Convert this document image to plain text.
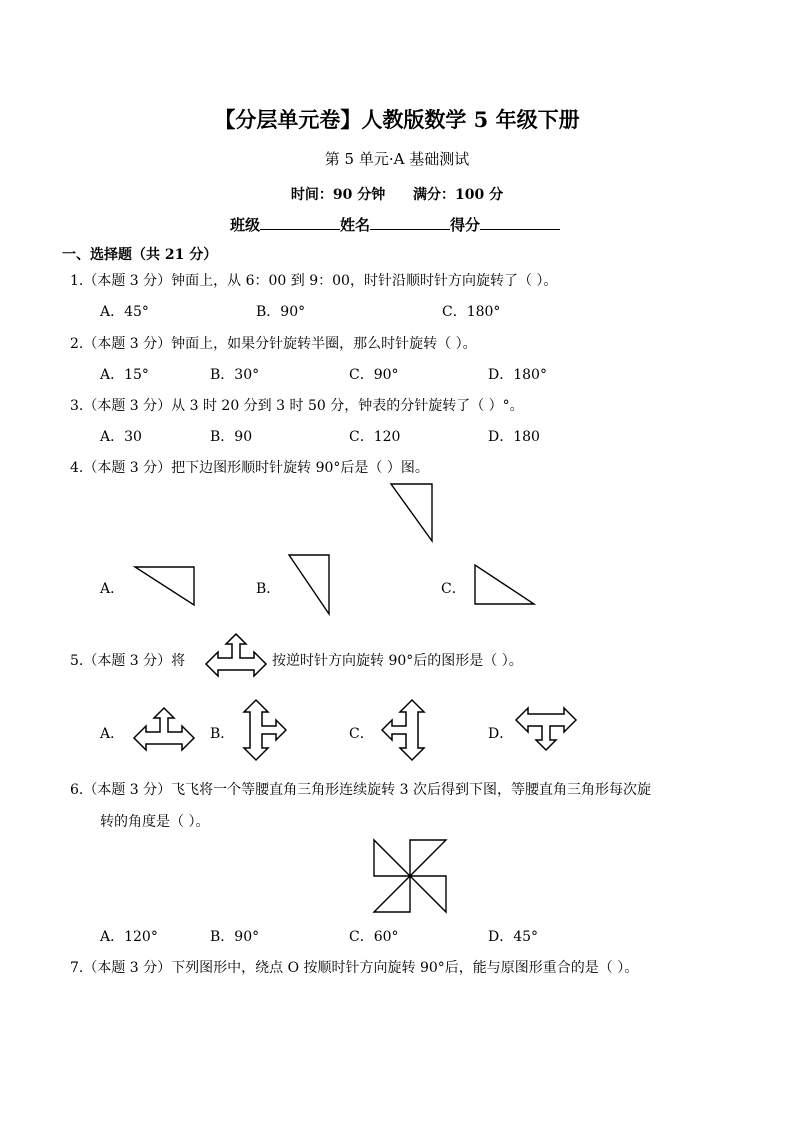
【分层单元卷】人教版数学 5 年级下册
第 5 单元·A 基础测试
时间：90 分钟 满分：100 分
班级	姓名	得分
一、选择题（共 21 分）
1.（本题 3 分）钟面上，从 6：00 到 9：00，时针沿顺时针方向旋转了（ ）。
A．45°	B．90°	C．180°
2.（本题 3 分）钟面上，如果分针旋转半圈，那么时针旋转（ ）。
A．15°	B．30°	C．90°	D．180°
3.（本题 3 分）从 3 时 20 分到 3 时 50 分，钟表的分针旋转了（ ）°。
A．30	B．90	C．120	D．180
4.（本题 3 分）把下边图形顺时针旋转 90°后是（ ）图。
A．	B．	C．
5.（本题 3 分）将	按逆时针方向旋转 90°后的图形是（ ）。
A．	B．	C．	D．
6.（本题 3 分）飞飞将一个等腰直角三角形连续旋转 3 次后得到下图，等腰直角三角形每次旋
转的角度是（ ）。
A．120°	B．90°	C．60°	D．45°
7.（本题 3 分）下列图形中，绕点 O 按顺时针方向旋转 90°后，能与原图形重合的是（ ）。
